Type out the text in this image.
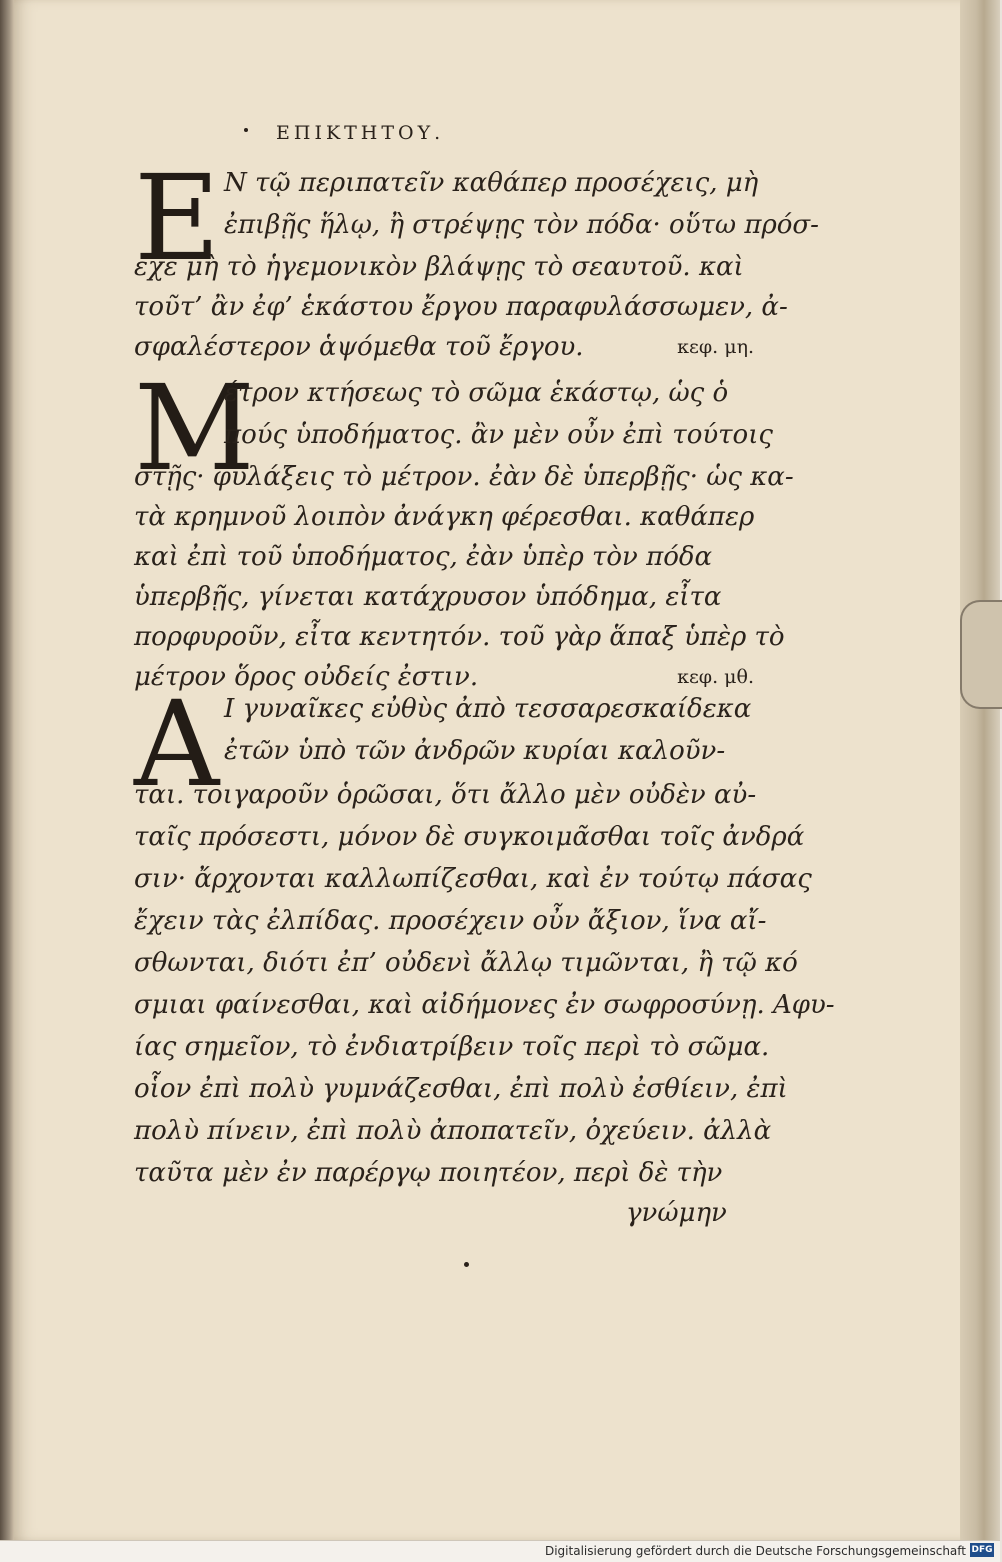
ΕΠΙΚΤΗΤΟΥ.
E N τῷ περιπατεῖν καθάπερ προσέχεις, μὴ
ἐπιβῇς ἥλῳ, ἢ στρέψῃς τὸν πόδα· οὕτω πρόσ-
εχε μὴ τὸ ἡγεμονικὸν βλάψῃς τὸ σεαυτοῦ. καὶ
τοῦτ’ ἂν ἐφ’ ἑκάστου ἔργου παραφυλάσσωμεν, ἀ-
σφαλέστερον ἁψόμεθα τοῦ ἔργου.	κεφ. μη.
M
έτρον κτήσεως τὸ σῶμα ἑκάστῳ, ὡς ὁ
πούς ὑποδήματος. ἂν μὲν οὖν ἐπὶ τούτοις
στῇς· φυλάξεις τὸ μέτρον. ἐὰν δὲ ὑπερβῇς· ὡς κα-
τὰ κρημνοῦ λοιπὸν ἀνάγκη φέρεσθαι. καθάπερ
καὶ ἐπὶ τοῦ ὑποδήματος, ἐὰν ὑπὲρ τὸν πόδα
ὑπερβῇς, γίνεται κατάχρυσον ὑπόδημα, εἶτα
πορφυροῦν, εἶτα κεντητόν. τοῦ γὰρ ἅπαξ ὑπὲρ τὸ
μέτρον ὅρος οὐδείς ἐστιν.	κεφ. μθ.
A Ι γυναῖκες εὐθὺς ἀπὸ τεσσαρεσκαίδεκα
ἐτῶν ὑπὸ τῶν ἀνδρῶν κυρίαι καλοῦν-
ται. τοιγαροῦν ὁρῶσαι, ὅτι ἄλλο μὲν οὐδὲν αὐ-
ταῖς πρόσεστι, μόνον δὲ συγκοιμᾶσθαι τοῖς ἀνδρά
σιν· ἄρχονται καλλωπίζεσθαι, καὶ ἐν τούτῳ πάσας
ἔχειν τὰς ἐλπίδας. προσέχειν οὖν ἄξιον, ἵνα αἴ-
σθωνται, διότι ἐπ’ οὐδενὶ ἄλλῳ τιμῶνται, ἢ τῷ κό
σμιαι φαίνεσθαι, καὶ αἰδήμονες ἐν σωφροσύνῃ. Αφυ-
ίας σημεῖον, τὸ ἐνδιατρίβειν τοῖς περὶ τὸ σῶμα.
οἷον ἐπὶ πολὺ γυμνάζεσθαι, ἐπὶ πολὺ ἐσθίειν, ἐπὶ
πολὺ πίνειν, ἐπὶ πολὺ ἀποπατεῖν, ὀχεύειν. ἀλλὰ
ταῦτα μὲν ἐν παρέργῳ ποιητέον, περὶ δὲ τὴν
γνώμην
Digitalisierung gefördert durch die Deutsche Forschungsgemeinschaft DFG
